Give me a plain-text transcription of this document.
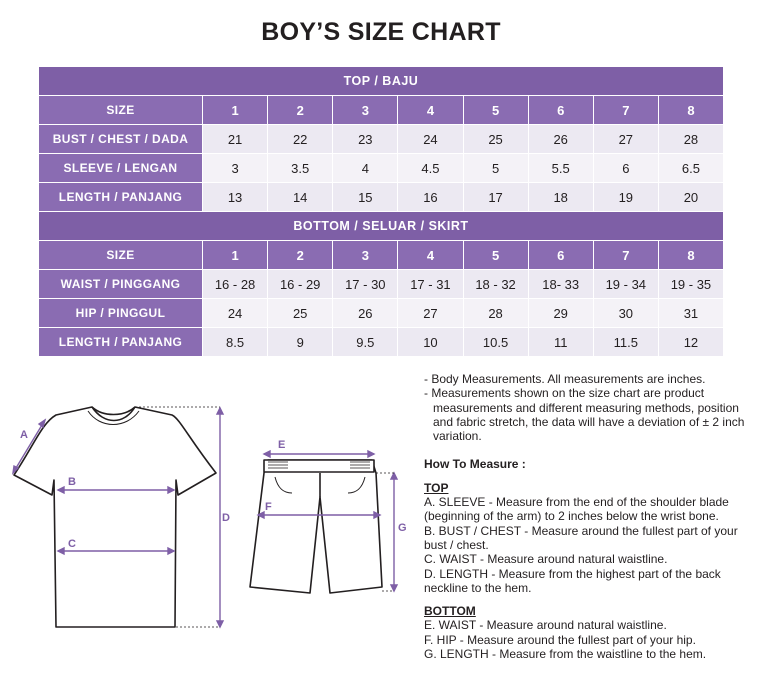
BOY’S SIZE CHART
TOP / BAJU								
SIZE	1	2	3	4	5	6	7	8
BUST / CHEST / DADA	21	22	23	24	25	26	27	28
SLEEVE / LENGAN	3	3.5	4	4.5	5	5.5	6	6.5
LENGTH / PANJANG	13	14	15	16	17	18	19	20
BOTTOM / SELUAR / SKIRT								
SIZE	1	2	3	4	5	6	7	8
WAIST / PINGGANG	16 - 28	16 - 29	17 - 30	17 - 31	18 - 32	18- 33	19 - 34	19 - 35
HIP / PINGGUL	24	25	26	27	28	29	30	31
LENGTH / PANJANG	8.5	9	9.5	10	10.5	11	11.5	12
A
B
C
D
E
F
G
- Body Measurements. All measurements are inches.
- Measurements shown on the size chart are product measurements and different measuring methods, position and fabric stretch, the data will have a deviation of ± 2 inch variation.

How To Measure :

TOP

A. SLEEVE - Measure from the end of the shoulder blade (beginning of the arm) to 2 inches below the wrist bone.

B. BUST / CHEST - Measure around the fullest part of your bust / chest.

C. WAIST - Measure around natural waistline.

D. LENGTH - Measure from the highest part of the back neckline to the hem.

BOTTOM

E. WAIST - Measure around natural waistline.

F. HIP - Measure around the fullest part of your hip.

G. LENGTH - Measure from the waistline to the hem.
